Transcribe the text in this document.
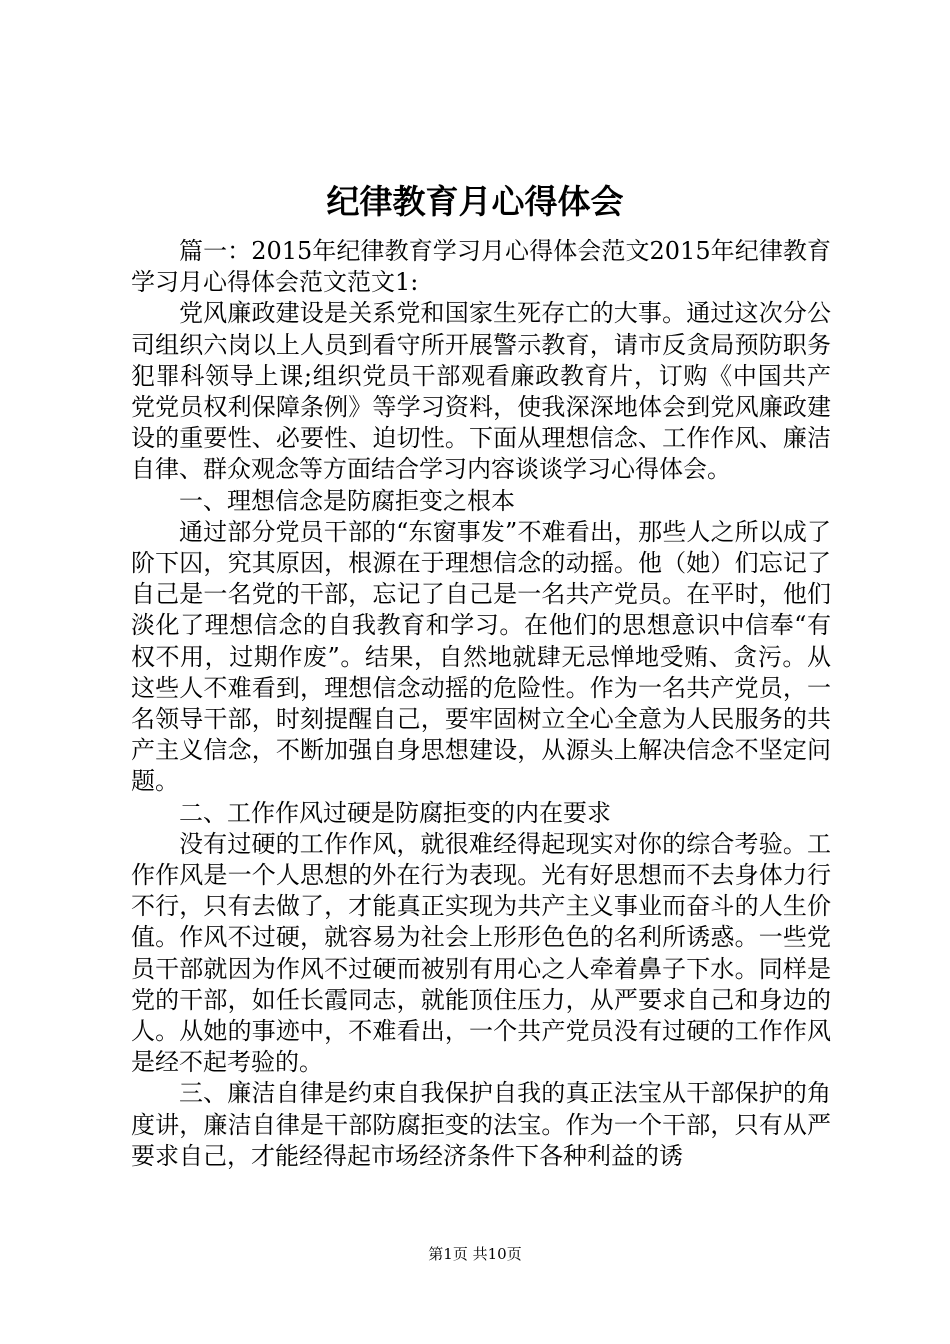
纪律教育月心得体会

篇一：2015年纪律教育学习月心得体会范文2015年纪律教育学习月心得体会范文范文1:

党风廉政建设是关系党和国家生死存亡的大事。通过这次分公司组织六岗以上人员到看守所开展警示教育，请市反贪局预防职务犯罪科领导上课;组织党员干部观看廉政教育片，订购《中国共产党党员权利保障条例》等学习资料，使我深深地体会到党风廉政建设的重要性、必要性、迫切性。下面从理想信念、工作作风、廉洁自律、群众观念等方面结合学习内容谈谈学习心得体会。

一、理想信念是防腐拒变之根本

通过部分党员干部的“东窗事发”不难看出，那些人之所以成了阶下囚，究其原因，根源在于理想信念的动摇。他（她）们忘记了自己是一名党的干部，忘记了自己是一名共产党员。在平时，他们淡化了理想信念的自我教育和学习。在他们的思想意识中信奉“有权不用，过期作废”。结果，自然地就肆无忌惮地受贿、贪污。从这些人不难看到，理想信念动摇的危险性。作为一名共产党员，一名领导干部，时刻提醒自己，要牢固树立全心全意为人民服务的共产主义信念，不断加强自身思想建设，从源头上解决信念不坚定问题。

二、工作作风过硬是防腐拒变的内在要求

没有过硬的工作作风，就很难经得起现实对你的综合考验。工作作风是一个人思想的外在行为表现。光有好思想而不去身体力行不行，只有去做了，才能真正实现为共产主义事业而奋斗的人生价值。作风不过硬，就容易为社会上形形色色的名利所诱惑。一些党员干部就因为作风不过硬而被别有用心之人牵着鼻子下水。同样是党的干部，如任长霞同志，就能顶住压力，从严要求自己和身边的人。从她的事迹中，不难看出，一个共产党员没有过硬的工作作风是经不起考验的。

三、廉洁自律是约束自我保护自我的真正法宝从干部保护的角度讲，廉洁自律是干部防腐拒变的法宝。作为一个干部，只有从严要求自己，才能经得起市场经济条件下各种利益的诱

第1页 共10页
